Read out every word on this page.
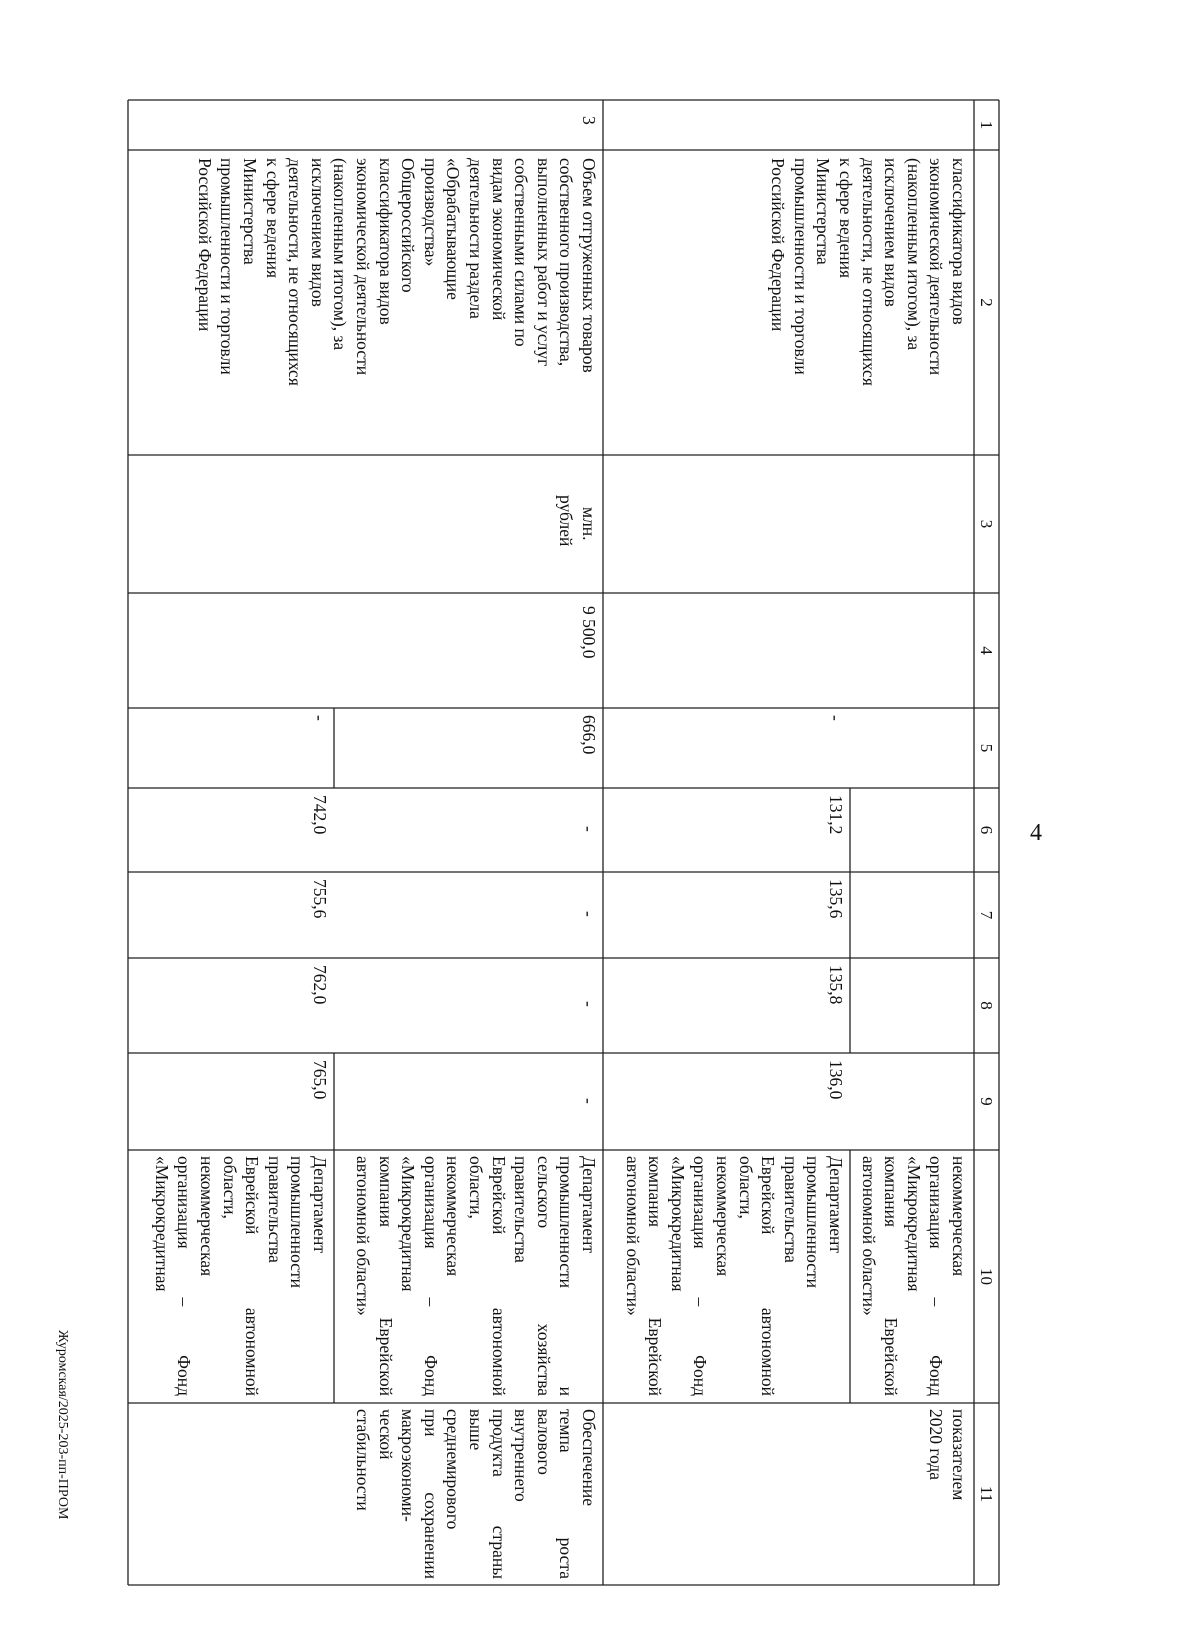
4
1
2
3
4
5
6
7
8
9
10
11
классификатора видов
экономической деятельности
(накопленным итогом), за
исключением видов
деятельности, не относящихся
к сфере ведения
Министерства
промышленности и торговли
Российской Федерации
-
131,2
135,6
135,8
136,0
некоммерческая
организация – Фонд
«Микрокредитная
компания Еврейской
автономной области»
Департамент
промышленности
правительства
Еврейской автономной
области,
некоммерческая
организация – Фонд
«Микрокредитная
компания Еврейской
автономной области»
показателем
2020 года
3
Объем отгруженных товаров
собственного производства,
выполненных работ и услуг
собственными силами по
видам экономической
деятельности раздела
«Обрабатывающие
производства»
Общероссийского
классификатора видов
экономической деятельности
(накопленным итогом), за
исключением видов
деятельности, не относящихся
к сфере ведения
Министерства
промышленности и торговли
Российской Федерации
млн.
рублей
9 500,0
666,0
-
-
742,0
-
755,6
-
762,0
-
765,0
Департамент
промышленности и
сельского хозяйства
правительства
Еврейской автономной
области,
некоммерческая
организация – Фонд
«Микрокредитная
компания Еврейской
автономной области»
Департамент
промышленности
правительства
Еврейской автономной
области,
некоммерческая
организация – Фонд
«Микрокредитная
Обеспечение
темпа роста
валового
внутреннего
продукта страны
выше
среднемирового
при сохранении
макроэкономи-
ческой
стабильности
Журомская/2025-203-пп-ПРОМ
